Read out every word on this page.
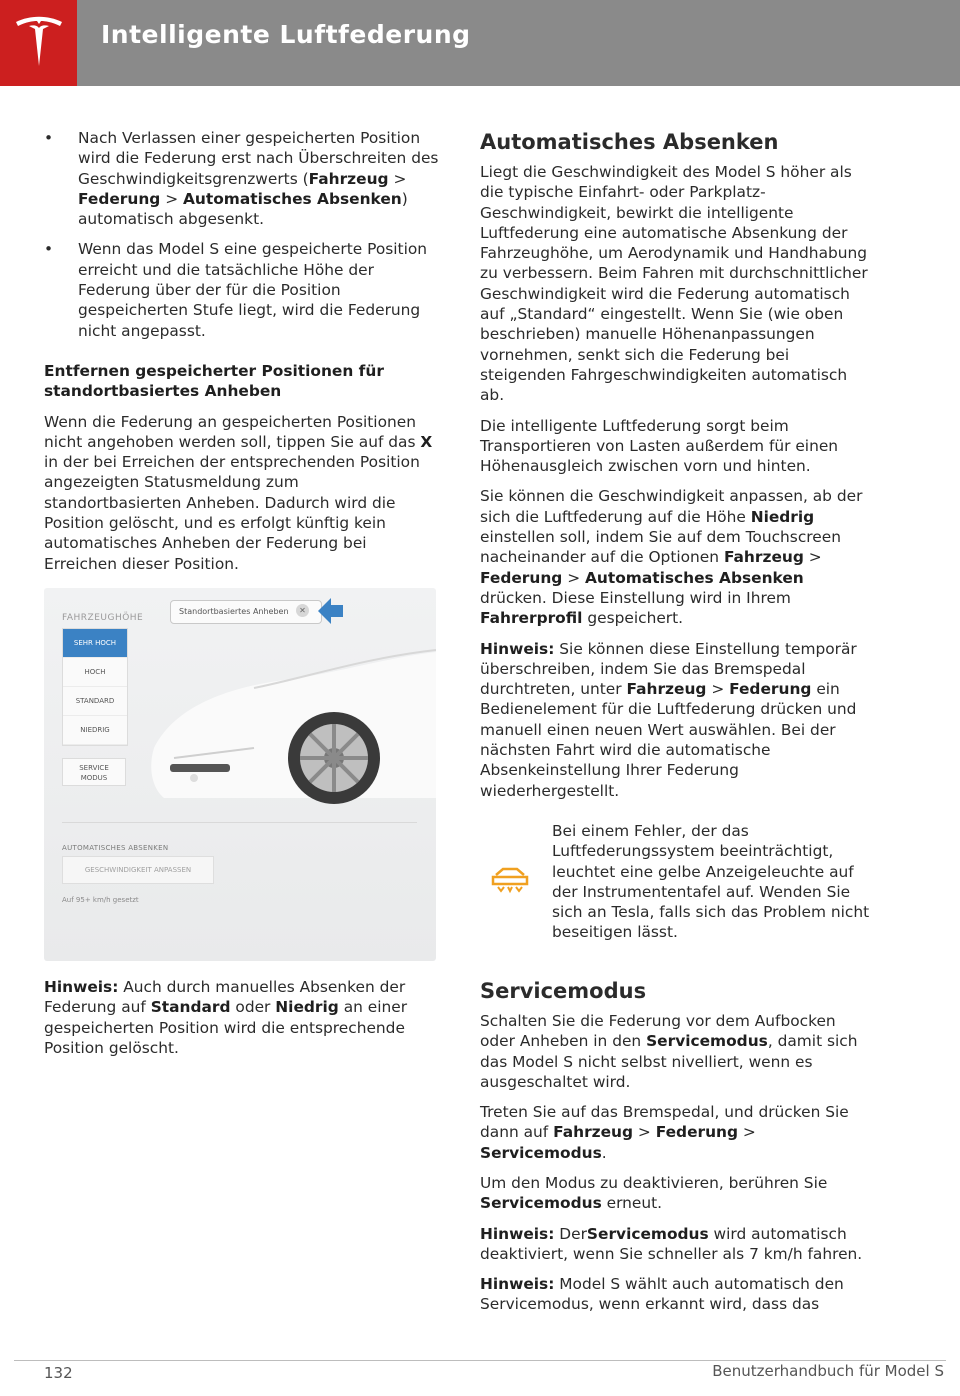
Intelligente Luftfederung
• Nach Verlassen einer gespeicherten Position wird die Federung erst nach Überschreiten des Geschwindigkeitsgrenzwerts (Fahrzeug > Federung > Automatisches Absenken) automatisch abgesenkt.
• Wenn das Model S eine gespeicherte Position erreicht und die tatsächliche Höhe der Federung über der für die Position gespeicherten Stufe liegt, wird die Federung nicht angepasst.
Entfernen gespeicherter Positionen für standortbasiertes Anheben

Wenn die Federung an gespeicherten Positionen nicht angehoben werden soll, tippen Sie auf das X in der bei Erreichen der entsprechenden Position angezeigten Statusmeldung zum standortbasierten Anheben. Dadurch wird die Position gelöscht, und es erfolgt künftig kein automatisches Anheben der Federung bei Erreichen dieser Position.

FAHRZEUGHÖHE
Standortbasiertes Anheben	✕
SEHR HOCH
HOCH
STANDARD
NIEDRIG
SERVICE
MODUS
AUTOMATISCHES ABSENKEN
GESCHWINDIGKEIT ANPASSEN
Auf 95+ km/h gesetzt

Hinweis: Auch durch manuelles Absenken der Federung auf Standard oder Niedrig an einer gespeicherten Position wird die entsprechende Position gelöscht.

Automatisches Absenken

Liegt die Geschwindigkeit des Model S höher als die typische Einfahrt- oder Parkplatz-Geschwindigkeit, bewirkt die intelligente Luftfederung eine automatische Absenkung der Fahrzeughöhe, um Aerodynamik und Handhabung zu verbessern. Beim Fahren mit durchschnittlicher Geschwindigkeit wird die Federung automatisch auf „Standard“ eingestellt. Wenn Sie (wie oben beschrieben) manuelle Höhenanpassungen vornehmen, senkt sich die Federung bei steigenden Fahrgeschwindigkeiten automatisch ab.

Die intelligente Luftfederung sorgt beim Transportieren von Lasten außerdem für einen Höhenausgleich zwischen vorn und hinten.

Sie können die Geschwindigkeit anpassen, ab der sich die Luftfederung auf die Höhe Niedrig einstellen soll, indem Sie auf dem Touchscreen nacheinander auf die Optionen Fahrzeug > Federung > Automatisches Absenken drücken. Diese Einstellung wird in Ihrem Fahrerprofil gespeichert.

Hinweis: Sie können diese Einstellung temporär überschreiben, indem Sie das Bremspedal durchtreten, unter Fahrzeug > Federung ein Bedienelement für die Luftfederung drücken und manuell einen neuen Wert auswählen. Bei der nächsten Fahrt wird die automatische Absenkeinstellung Ihrer Federung wiederhergestellt.

Bei einem Fehler, der das Luftfederungssystem beeinträchtigt, leuchtet eine gelbe Anzeigeleuchte auf der Instrumententafel auf. Wenden Sie sich an Tesla, falls sich das Problem nicht beseitigen lässt.
Servicemodus

Schalten Sie die Federung vor dem Aufbocken oder Anheben in den Servicemodus, damit sich das Model S nicht selbst nivelliert, wenn es ausgeschaltet wird.

Treten Sie auf das Bremspedal, und drücken Sie dann auf Fahrzeug > Federung > Servicemodus.

Um den Modus zu deaktivieren, berühren Sie Servicemodus erneut.

Hinweis: DerServicemodus wird automatisch deaktiviert, wenn Sie schneller als 7 km/h fahren.

Hinweis: Model S wählt auch automatisch den Servicemodus, wenn erkannt wird, dass das

132	Benutzerhandbuch für Model S
